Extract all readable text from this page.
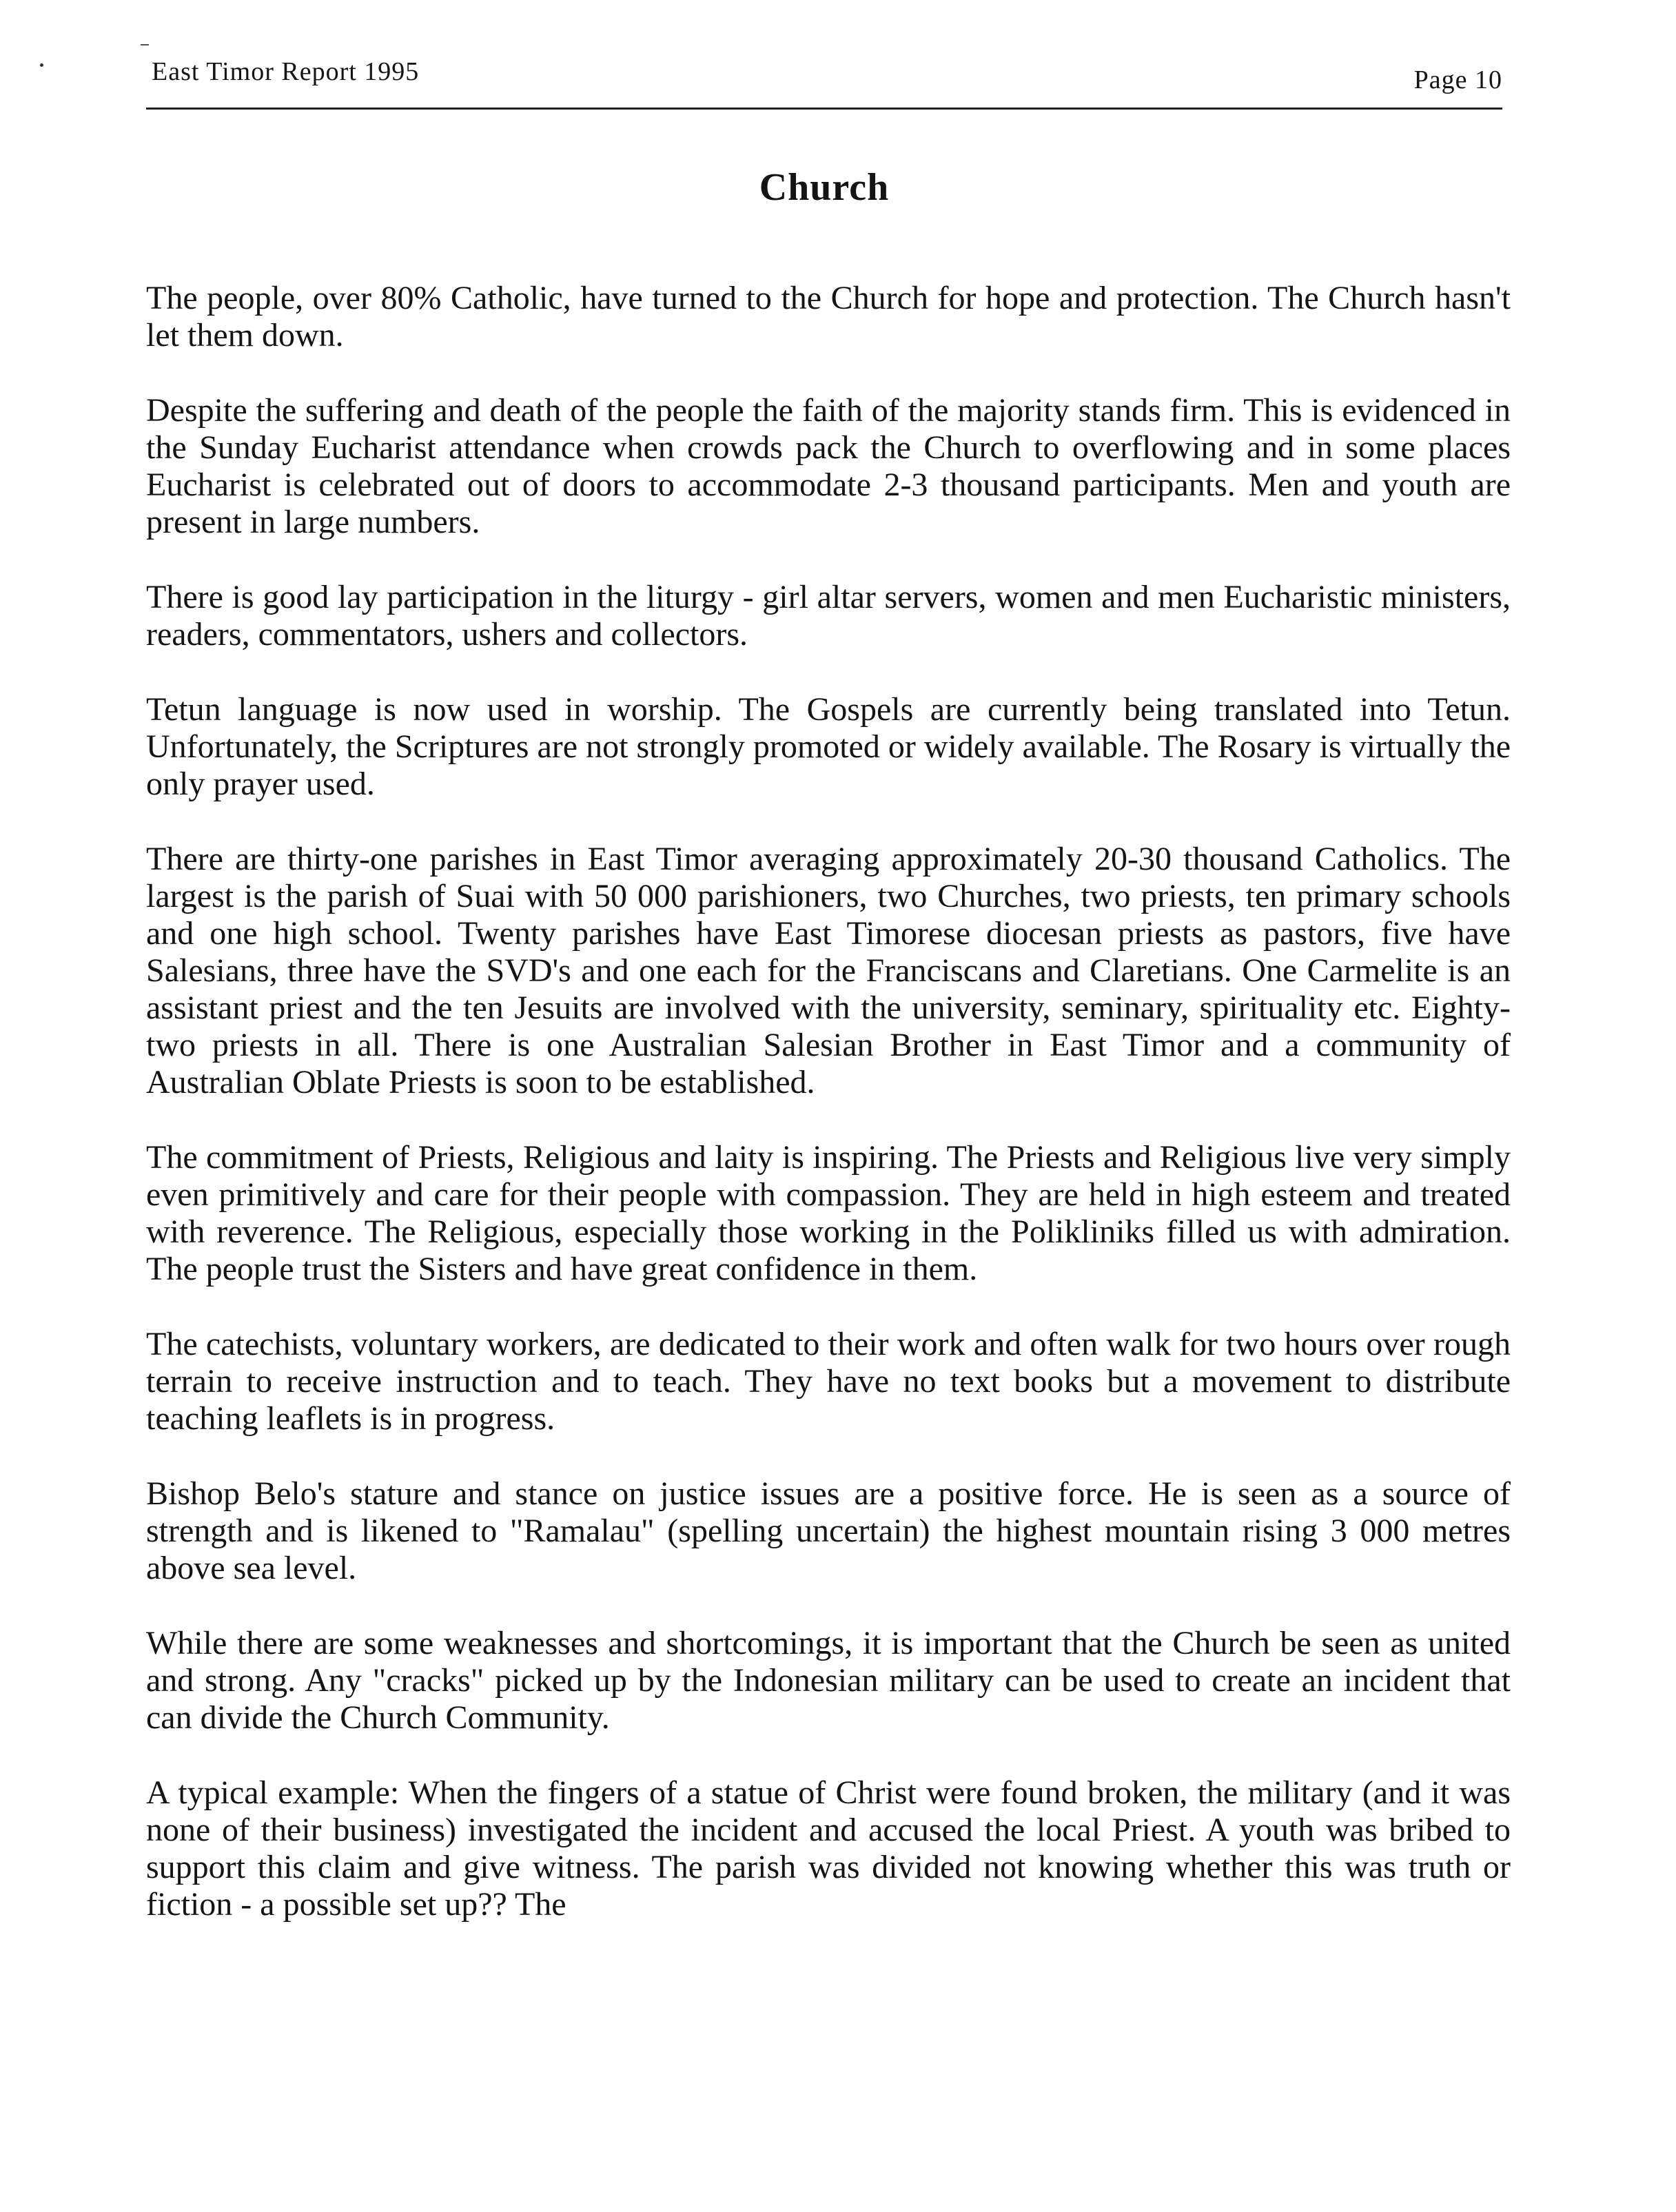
East Timor Report 1995	Page 10
Church

The people, over 80% Catholic, have turned to the Church for hope and protection. The Church hasn't let them down.

Despite the suffering and death of the people the faith of the majority stands firm. This is evidenced in the Sunday Eucharist attendance when crowds pack the Church to overflowing and in some places Eucharist is celebrated out of doors to accommodate 2-3 thousand participants. Men and youth are present in large numbers.

There is good lay participation in the liturgy - girl altar servers, women and men Eucharistic ministers, readers, commentators, ushers and collectors.

Tetun language is now used in worship. The Gospels are currently being translated into Tetun. Unfortunately, the Scriptures are not strongly promoted or widely available. The Rosary is virtually the only prayer used.

There are thirty-one parishes in East Timor averaging approximately 20-30 thousand Catholics. The largest is the parish of Suai with 50 000 parishioners, two Churches, two priests, ten primary schools and one high school. Twenty parishes have East Timorese diocesan priests as pastors, five have Salesians, three have the SVD's and one each for the Franciscans and Claretians. One Carmelite is an assistant priest and the ten Jesuits are involved with the university, seminary, spirituality etc. Eighty-two priests in all. There is one Australian Salesian Brother in East Timor and a community of Australian Oblate Priests is soon to be established.

The commitment of Priests, Religious and laity is inspiring. The Priests and Religious live very simply even primitively and care for their people with compassion. They are held in high esteem and treated with reverence. The Religious, especially those working in the Polikliniks filled us with admiration. The people trust the Sisters and have great confidence in them.

The catechists, voluntary workers, are dedicated to their work and often walk for two hours over rough terrain to receive instruction and to teach. They have no text books but a movement to distribute teaching leaflets is in progress.

Bishop Belo's stature and stance on justice issues are a positive force. He is seen as a source of strength and is likened to "Ramalau" (spelling uncertain) the highest mountain rising 3 000 metres above sea level.

While there are some weaknesses and shortcomings, it is important that the Church be seen as united and strong. Any "cracks" picked up by the Indonesian military can be used to create an incident that can divide the Church Community.

A typical example: When the fingers of a statue of Christ were found broken, the military (and it was none of their business) investigated the incident and accused the local Priest. A youth was bribed to support this claim and give witness. The parish was divided not knowing whether this was truth or fiction - a possible set up?? The
